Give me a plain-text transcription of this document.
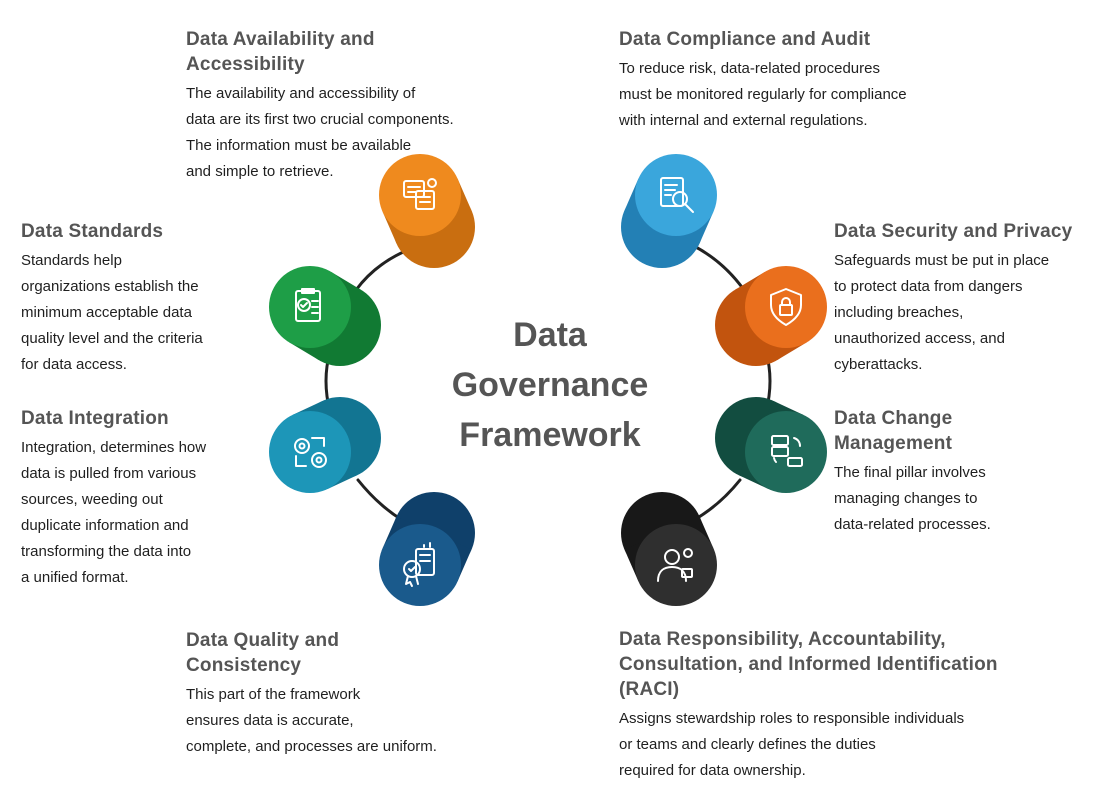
Data
Governance
Framework
Data Availability and
Accessibility

The availability and accessibility of
data are its first two crucial components.
The information must be available
and simple to retrieve.

Data Compliance and Audit

To reduce risk, data-related procedures
must be monitored regularly for compliance
with internal and external regulations.

Data Standards

Standards help
organizations establish the
minimum acceptable data
quality level and the criteria
for data access.

Data Security and Privacy

Safeguards must be put in place
to protect data from dangers
including breaches,
unauthorized access, and
cyberattacks.

Data Integration

Integration, determines how
data is pulled from various
sources, weeding out
duplicate information and
transforming the data into
a unified format.

Data Change
Management

The final pillar involves
managing changes to
data-related processes.

Data Quality and
Consistency

This part of the framework
ensures data is accurate,
complete, and processes are uniform.

Data Responsibility, Accountability,
Consultation, and Informed Identification
(RACI)

Assigns stewardship roles to responsible individuals
or teams and clearly defines the duties
required for data ownership.
